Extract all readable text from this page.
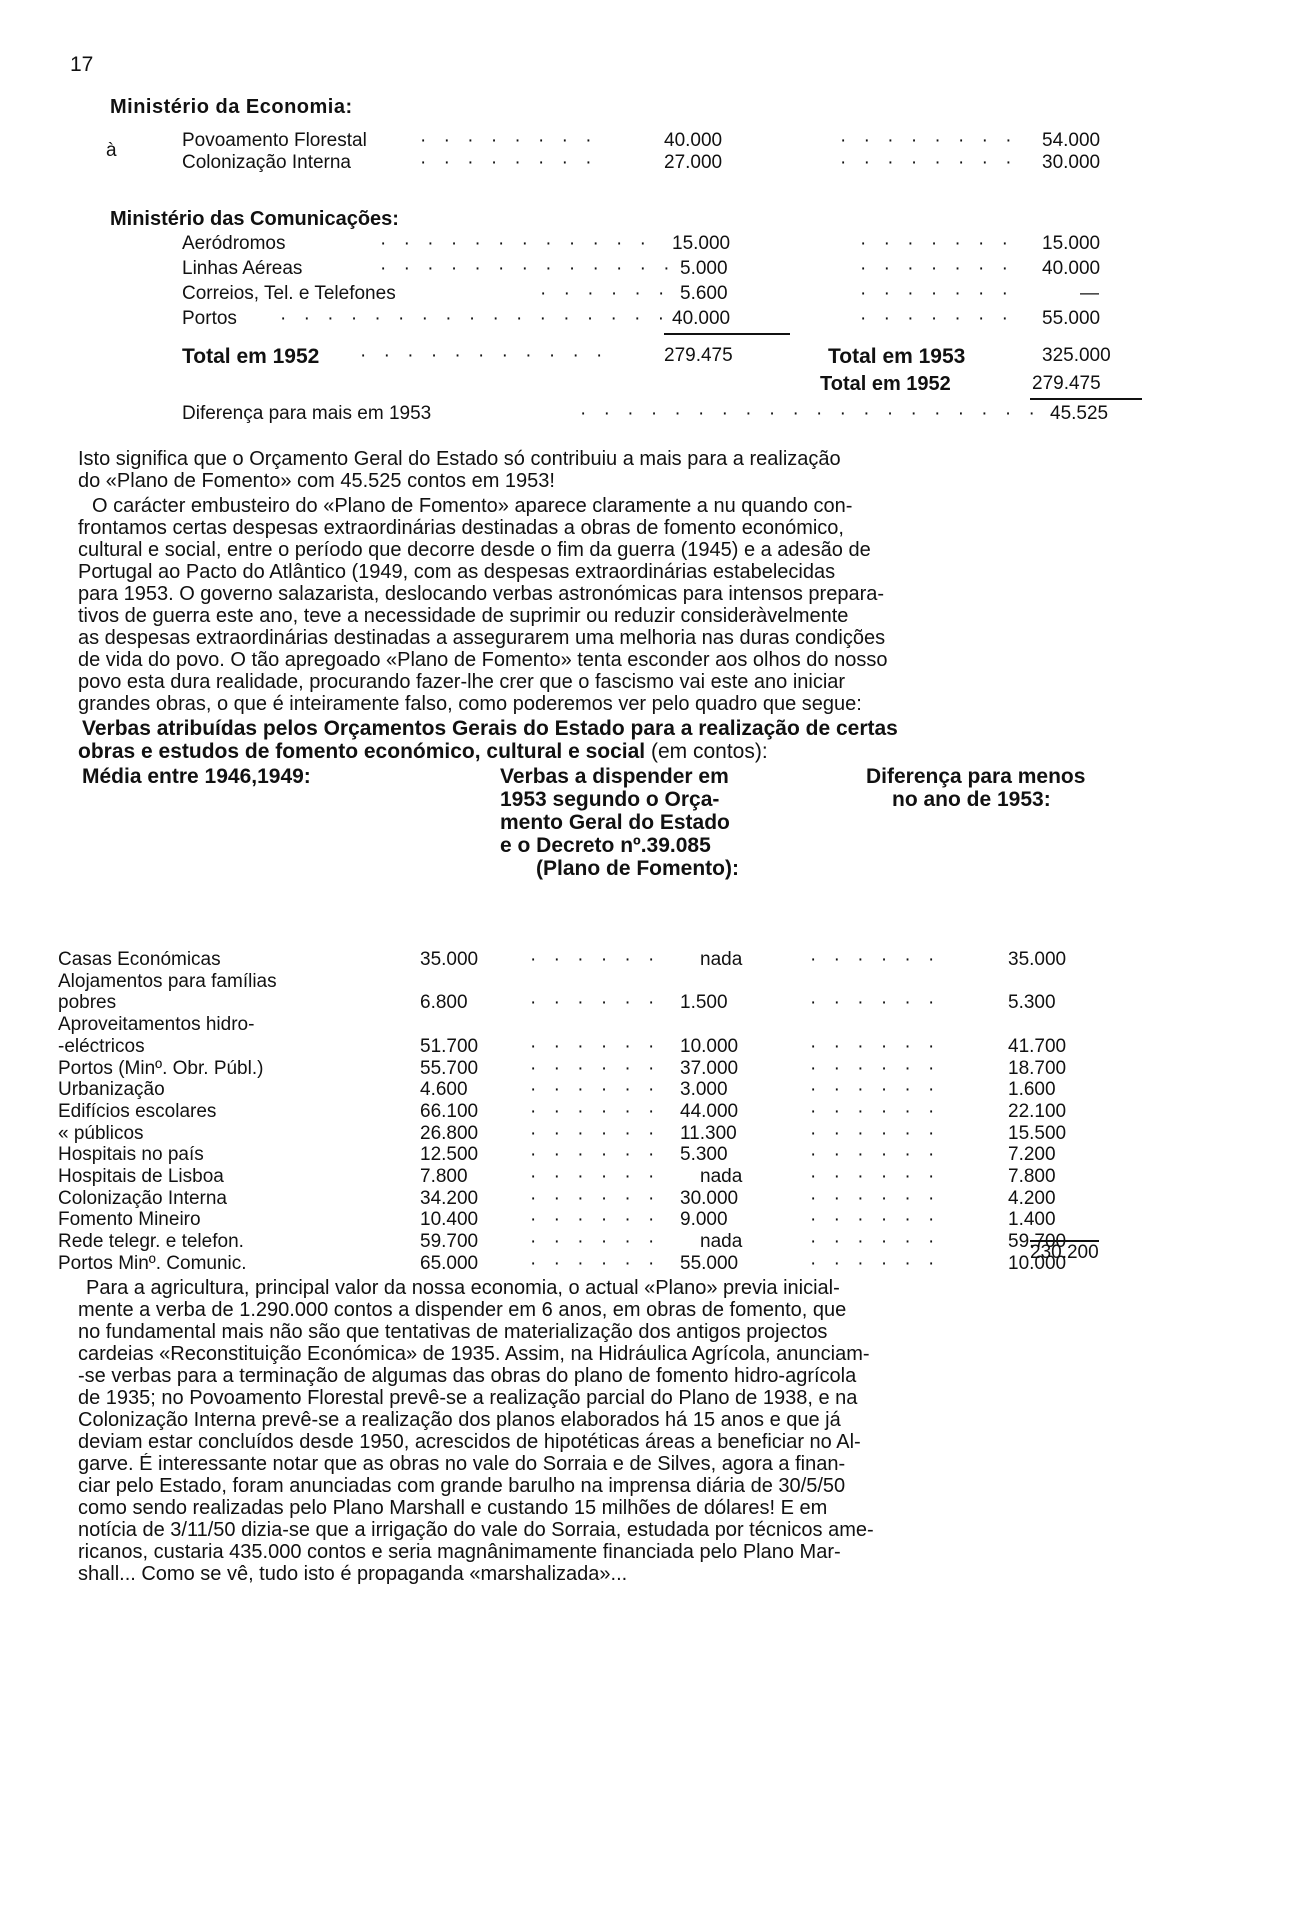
17
Ministério da Economia:
à	Povoamento Florestal	· · · · · · · ·	40.000	· · · · · · · · 54.000
Colonização Interna	· · · · · · · ·	27.000	· · · · · · · · 30.000
Ministério das Comunicações:
Aeródromos	· · · · · · · · · · · · 15.000	· · · · · · · 15.000
Linhas Aéreas	· · · · · · · · · · · · · 5.000	· · · · · · · 40.000
Correios, Tel. e Telefones	· · · · · · 5.600	· · · · · · ·	—
Portos · · · · · · · · · · · · · · · · · 40.000	· · · · · · · 55.000
Total em 1952 · · · · · · · · · · ·	279.475	Total em 1953	325.000
Total em 1952	279.475
Diferença para mais em 1953	· · · · · · · · · · · · · · · · · · · · 45.525
Isto significa que o Orçamento Geral do Estado só contribuiu a mais para a realização
do «Plano de Fomento» com 45.525 contos em 1953!
O carácter embusteiro do «Plano de Fomento» aparece claramente a nu quando con-
frontamos certas despesas extraordinárias destinadas a obras de fomento económico,
cultural e social, entre o período que decorre desde o fim da guerra (1945) e a adesão de
Portugal ao Pacto do Atlântico (1949, com as despesas extraordinárias estabelecidas
para 1953. O governo salazarista, deslocando verbas astronómicas para intensos prepara-
tivos de guerra este ano, teve a necessidade de suprimir ou reduzir consideràvelmente
as despesas extraordinárias destinadas a assegurarem uma melhoria nas duras condições
de vida do povo. O tão apregoado «Plano de Fomento» tenta esconder aos olhos do nosso
povo esta dura realidade, procurando fazer-lhe crer que o fascismo vai este ano iniciar
grandes obras, o que é inteiramente falso, como poderemos ver pelo quadro que segue:
Verbas atribuídas pelos Orçamentos Gerais do Estado para a realização de certas
obras e estudos de fomento económico, cultural e social (em contos):
Média entre 1946,1949:	Verbas a dispender em
1953 segundo o Orça-
mento Geral do Estado
e o Decreto nº.39.085
(Plano de Fomento):
Diferença para menos
no ano de 1953:
Casas Económicas	35.000	· · · · · · nada	· · · · · ·	35.000
Alojamentos para famílias
pobres	6.800	· · · · · · 1.500	· · · · · ·	5.300
Aproveitamentos hidro-
-eléctricos	51.700	· · · · · · 10.000	· · · · · ·	41.700
Portos (Minº. Obr. Públ.)	55.700	· · · · · · 37.000	· · · · · ·	18.700
Urbanização	4.600	· · · · · · 3.000	· · · · · ·	1.600
Edifícios escolares	66.100	· · · · · · 44.000	· · · · · ·	22.100
« públicos	26.800	· · · · · · 11.300	· · · · · ·	15.500
Hospitais no país	12.500	· · · · · · 5.300	· · · · · ·	7.200
Hospitais de Lisboa	7.800	· · · · · · nada	· · · · · ·	7.800
Colonização Interna	34.200	· · · · · · 30.000	· · · · · ·	4.200
Fomento Mineiro	10.400	· · · · · · 9.000	· · · · · ·	1.400
Rede telegr. e telefon.	59.700	· · · · · · nada	· · · · · ·	59.700
Portos Minº. Comunic.	65.000	· · · · · · 55.000	· · · · · ·	10.000
230.200
Para a agricultura, principal valor da nossa economia, o actual «Plano» previa inicial-
mente a verba de 1.290.000 contos a dispender em 6 anos, em obras de fomento, que
no fundamental mais não são que tentativas de materialização dos antigos projectos
cardeias «Reconstituição Económica» de 1935. Assim, na Hidráulica Agrícola, anunciam-
-se verbas para a terminação de algumas das obras do plano de fomento hidro-agrícola
de 1935; no Povoamento Florestal prevê-se a realização parcial do Plano de 1938, e na
Colonização Interna prevê-se a realização dos planos elaborados há 15 anos e que já
deviam estar concluídos desde 1950, acrescidos de hipotéticas áreas a beneficiar no Al-
garve. É interessante notar que as obras no vale do Sorraia e de Silves, agora a finan-
ciar pelo Estado, foram anunciadas com grande barulho na imprensa diária de 30/5/50
como sendo realizadas pelo Plano Marshall e custando 15 milhões de dólares! E em
notícia de 3/11/50 dizia-se que a irrigação do vale do Sorraia, estudada por técnicos ame-
ricanos, custaria 435.000 contos e seria magnânimamente financiada pelo Plano Mar-
shall... Como se vê, tudo isto é propaganda «marshalizada»...
